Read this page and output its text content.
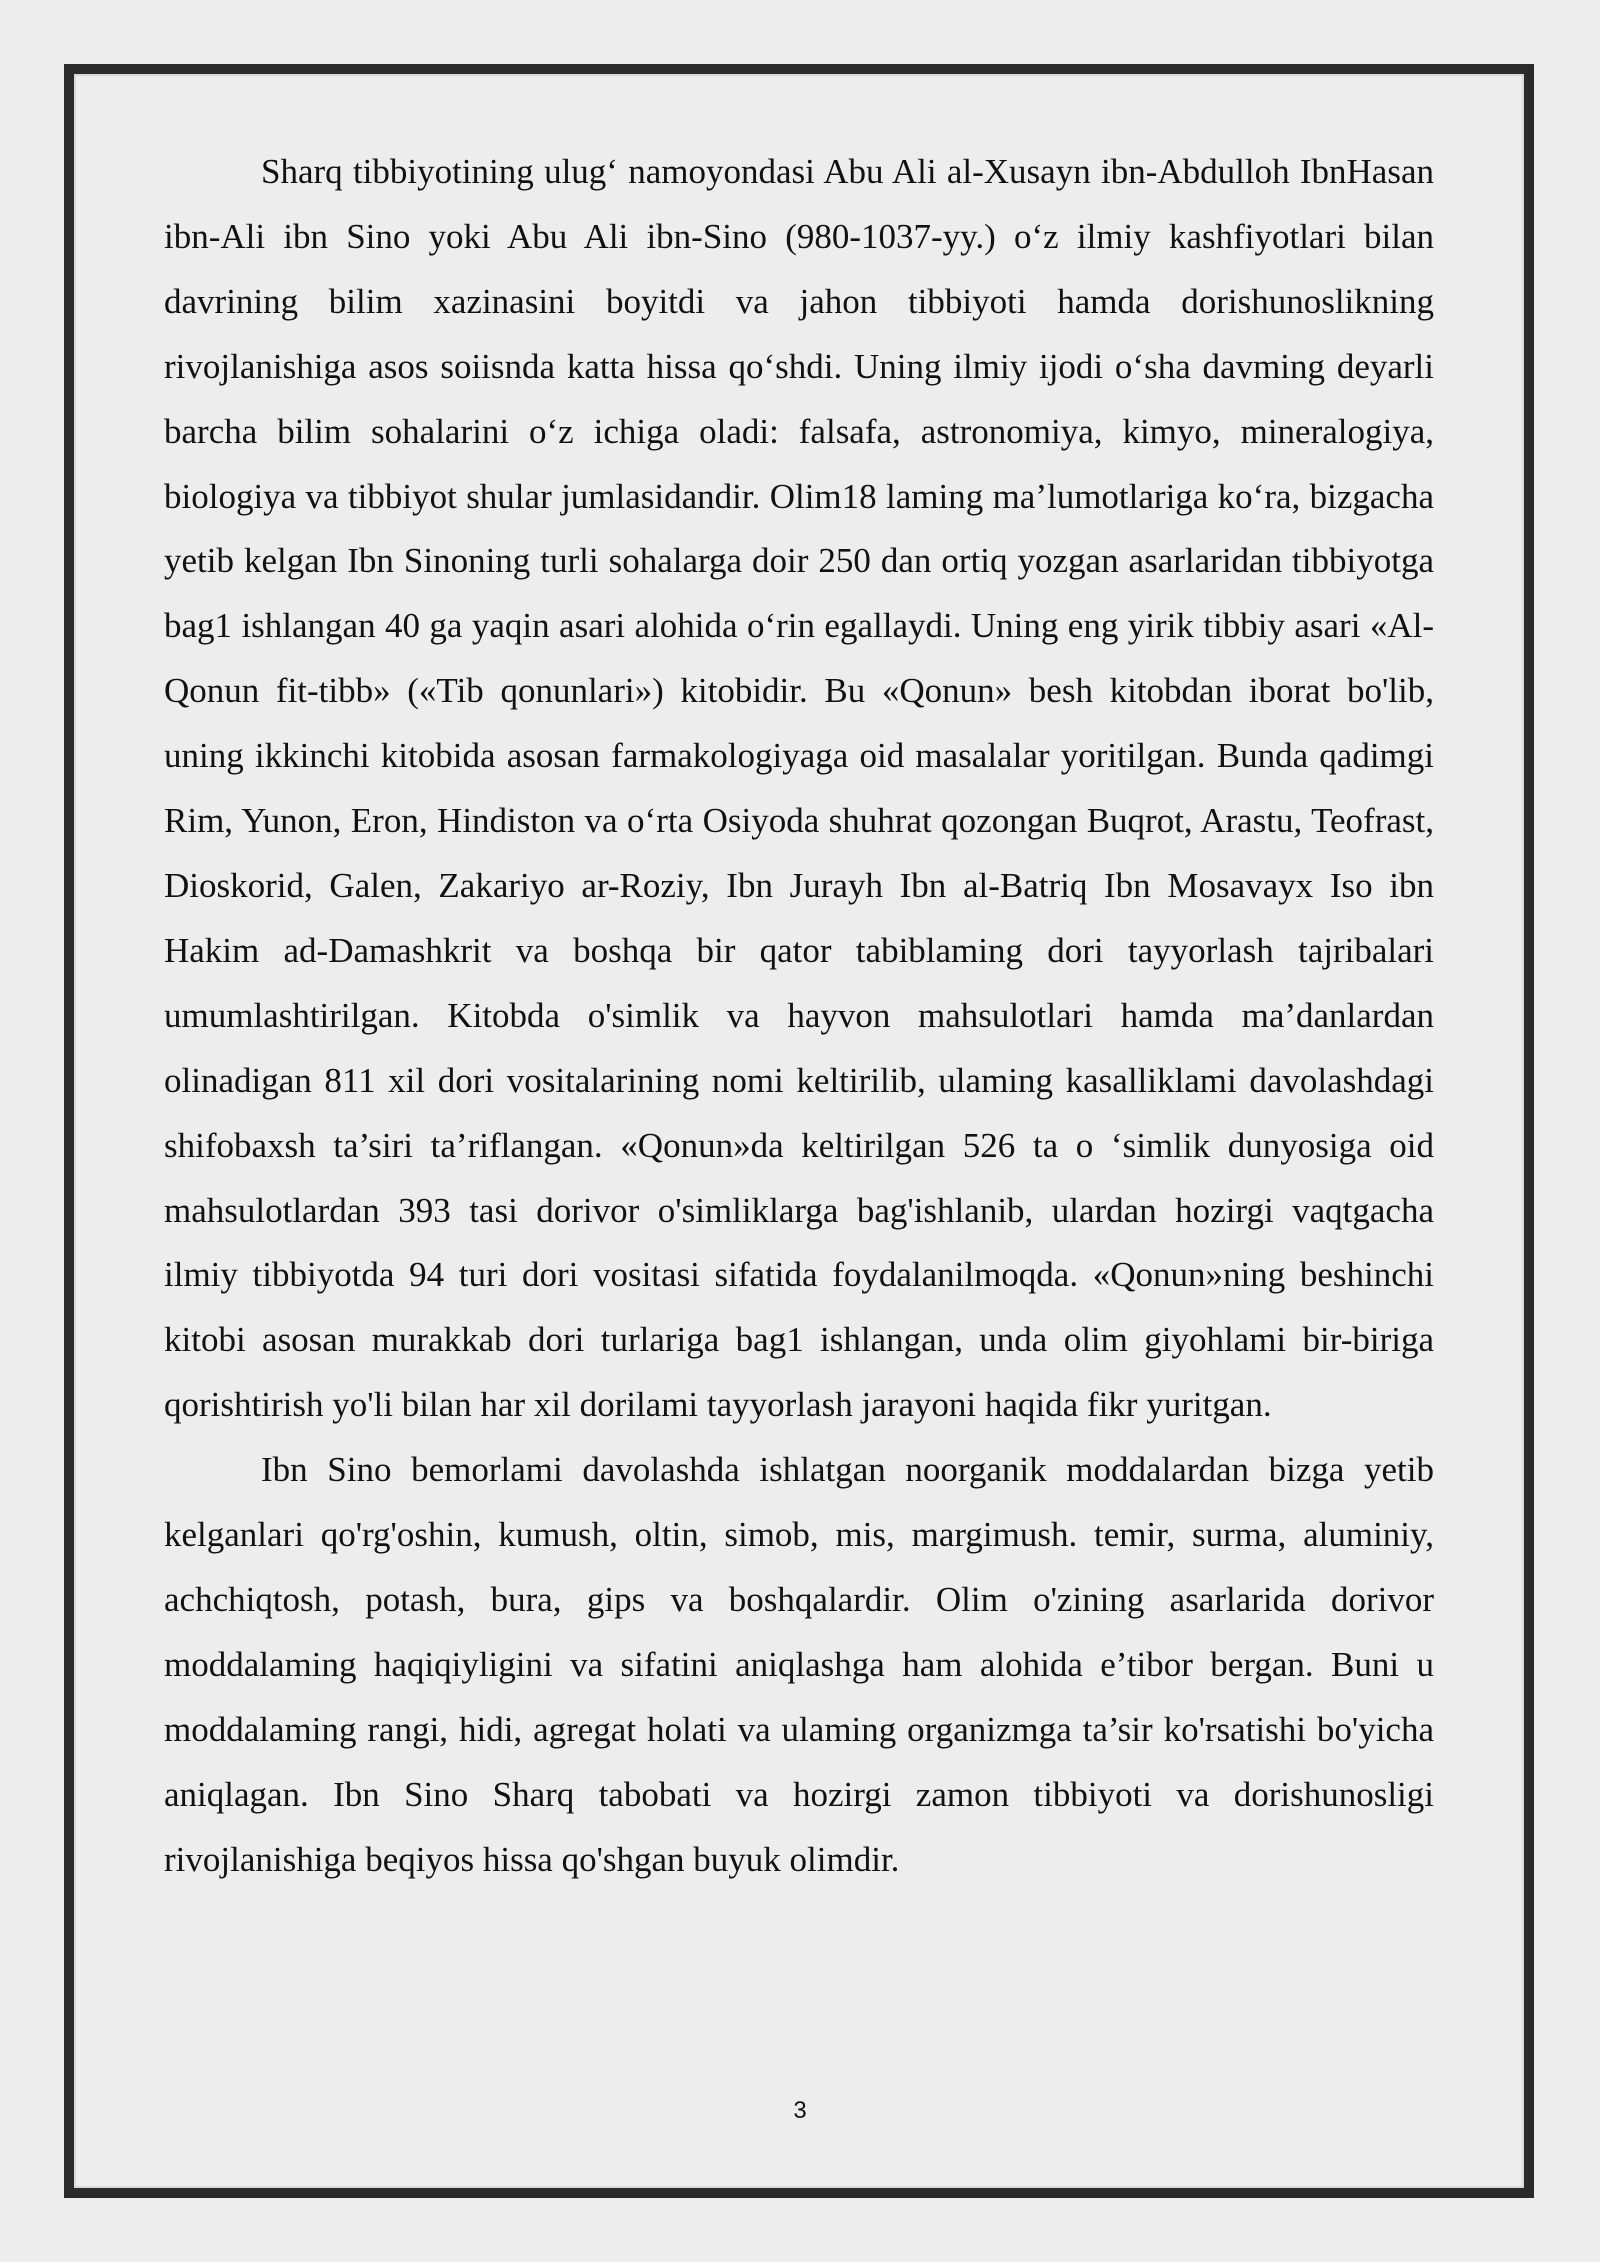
Sharq tibbiyotining ulug‘ namoyondasi Abu Ali al-Xusayn ibn-Abdulloh IbnHasan ibn-Ali ibn Sino yoki Abu Ali ibn-Sino (980-1037-yy.) o‘z ilmiy kashfiyotlari bilan davrining bilim xazinasini boyitdi va jahon tibbiyoti hamda dorishunoslikning rivojlanishiga asos soiisnda katta hissa qo‘shdi. Uning ilmiy ijodi o‘sha davming deyarli barcha bilim sohalarini o‘z ichiga oladi: falsafa, astronomiya, kimyo, mineralogiya, biologiya va tibbiyot shular jumlasidandir. Olim18 laming ma’lumotlariga ko‘ra, bizgacha yetib kelgan Ibn Sinoning turli sohalarga doir 250 dan ortiq yozgan asarlaridan tibbiyotga bag1 ishlangan 40 ga yaqin asari alohida o‘rin egallaydi. Uning eng yirik tibbiy asari «Al-Qonun fit-tibb» («Tib qonunlari») kitobidir. Bu «Qonun» besh kitobdan iborat bo'lib, uning ikkinchi kitobida asosan farmakologiyaga oid masalalar yoritilgan. Bunda qadimgi Rim, Yunon, Eron, Hindiston va o‘rta Osiyoda shuhrat qozongan Buqrot, Arastu, Teofrast, Dioskorid, Galen, Zakariyo ar-Roziy, Ibn Jurayh Ibn al-Batriq Ibn Mosavayx Iso ibn Hakim ad-Damashkrit va boshqa bir qator tabiblaming dori tayyorlash tajribalari umumlashtirilgan. Kitobda o'simlik va hayvon mahsulotlari hamda ma’danlardan olinadigan 811 xil dori vositalarining nomi keltirilib, ulaming kasalliklami davolashdagi shifobaxsh ta’siri ta’riflangan. «Qonun»da keltirilgan 526 ta o ‘simlik dunyosiga oid mahsulotlardan 393 tasi dorivor o'simliklarga bag'ishlanib, ulardan hozirgi vaqtgacha ilmiy tibbiyotda 94 turi dori vositasi sifatida foydalanilmoqda. «Qonun»ning beshinchi kitobi asosan murakkab dori turlariga bag1 ishlangan, unda olim giyohlami bir-biriga qorishtirish yo'li bilan har xil dorilami tayyorlash jarayoni haqida fikr yuritgan.

Ibn Sino bemorlami davolashda ishlatgan noorganik moddalardan bizga yetib kelganlari qo'rg'oshin, kumush, oltin, simob, mis, margimush. temir, surma, aluminiy, achchiqtosh, potash, bura, gips va boshqalardir. Olim o'zining asarlarida dorivor moddalaming haqiqiyligini va sifatini aniqlashga ham alohida e’tibor bergan. Buni u moddalaming rangi, hidi, agregat holati va ulaming organizmga ta’sir ko'rsatishi bo'yicha aniqlagan. Ibn Sino Sharq tabobati va hozirgi zamon tibbiyoti va dorishunosligi rivojlanishiga beqiyos hissa qo'shgan buyuk olimdir.

3
